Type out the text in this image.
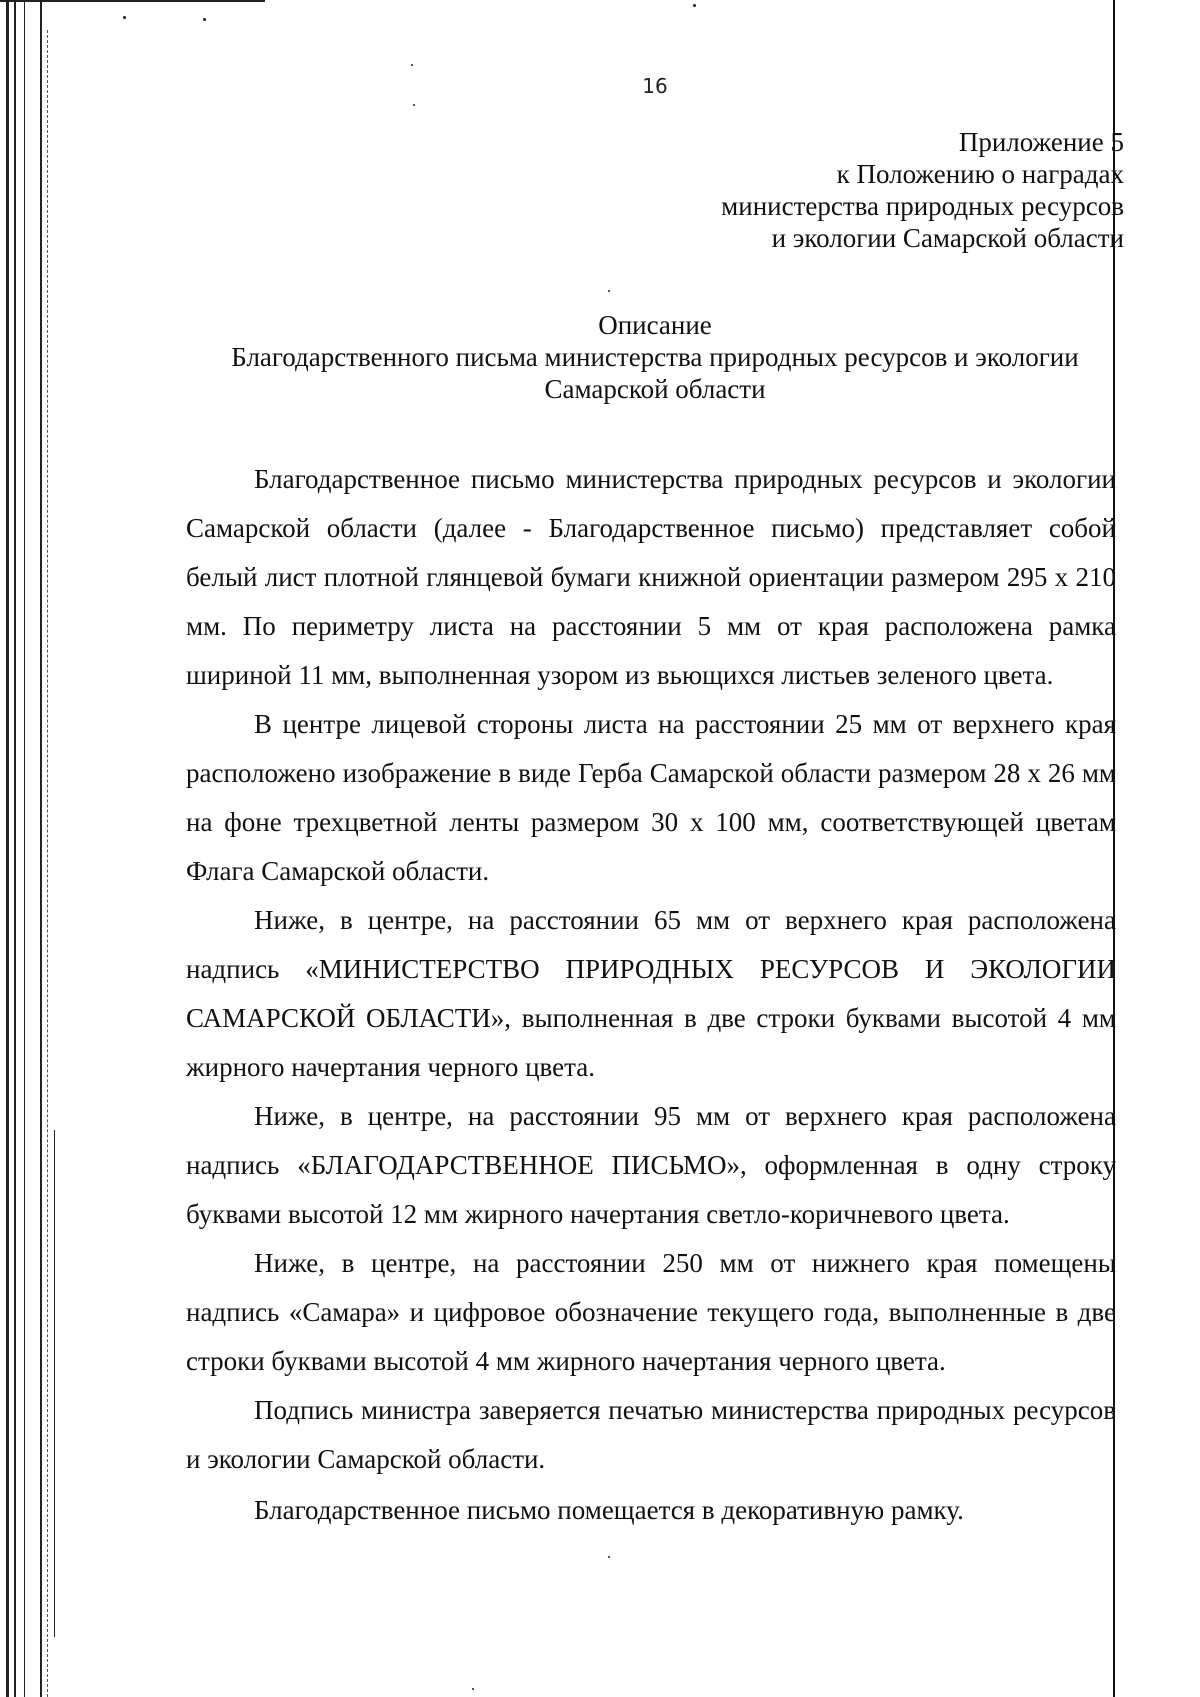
16
Приложение 5
к Положению о наградах
министерства природных ресурсов
и экологии Самарской области
Описание
Благодарственного письма министерства природных ресурсов и экологии
Самарской области

Благодарственное письмо министерства природных ресурсов и экологии Самарской области (далее - Благодарственное письмо) представляет собой белый лист плотной глянцевой бумаги книжной ориентации размером 295 х 210 мм. По периметру листа на расстоянии 5 мм от края расположена рамка шириной 11 мм, выполненная узором из вьющихся листьев зеленого цвета.

В центре лицевой стороны листа на расстоянии 25 мм от верхнего края расположено изображение в виде Герба Самарской области размером 28 х 26 мм на фоне трехцветной ленты размером 30 х 100 мм, соответствующей цветам Флага Самарской области.

Ниже, в центре, на расстоянии 65 мм от верхнего края расположена надпись «МИНИСТЕРСТВО ПРИРОДНЫХ РЕСУРСОВ И ЭКОЛОГИИ САМАРСКОЙ ОБЛАСТИ», выполненная в две строки буквами высотой 4 мм жирного начертания черного цвета.

Ниже, в центре, на расстоянии 95 мм от верхнего края расположена надпись «БЛАГОДАРСТВЕННОЕ ПИСЬМО», оформленная в одну строку буквами высотой 12 мм жирного начертания светло-коричневого цвета.

Ниже, в центре, на расстоянии 250 мм от нижнего края помещены надпись «Самара» и цифровое обозначение текущего года, выполненные в две строки буквами высотой 4 мм жирного начертания черного цвета.

Подпись министра заверяется печатью министерства природных ресурсов и экологии Самарской области.

Благодарственное письмо помещается в декоративную рамку.
